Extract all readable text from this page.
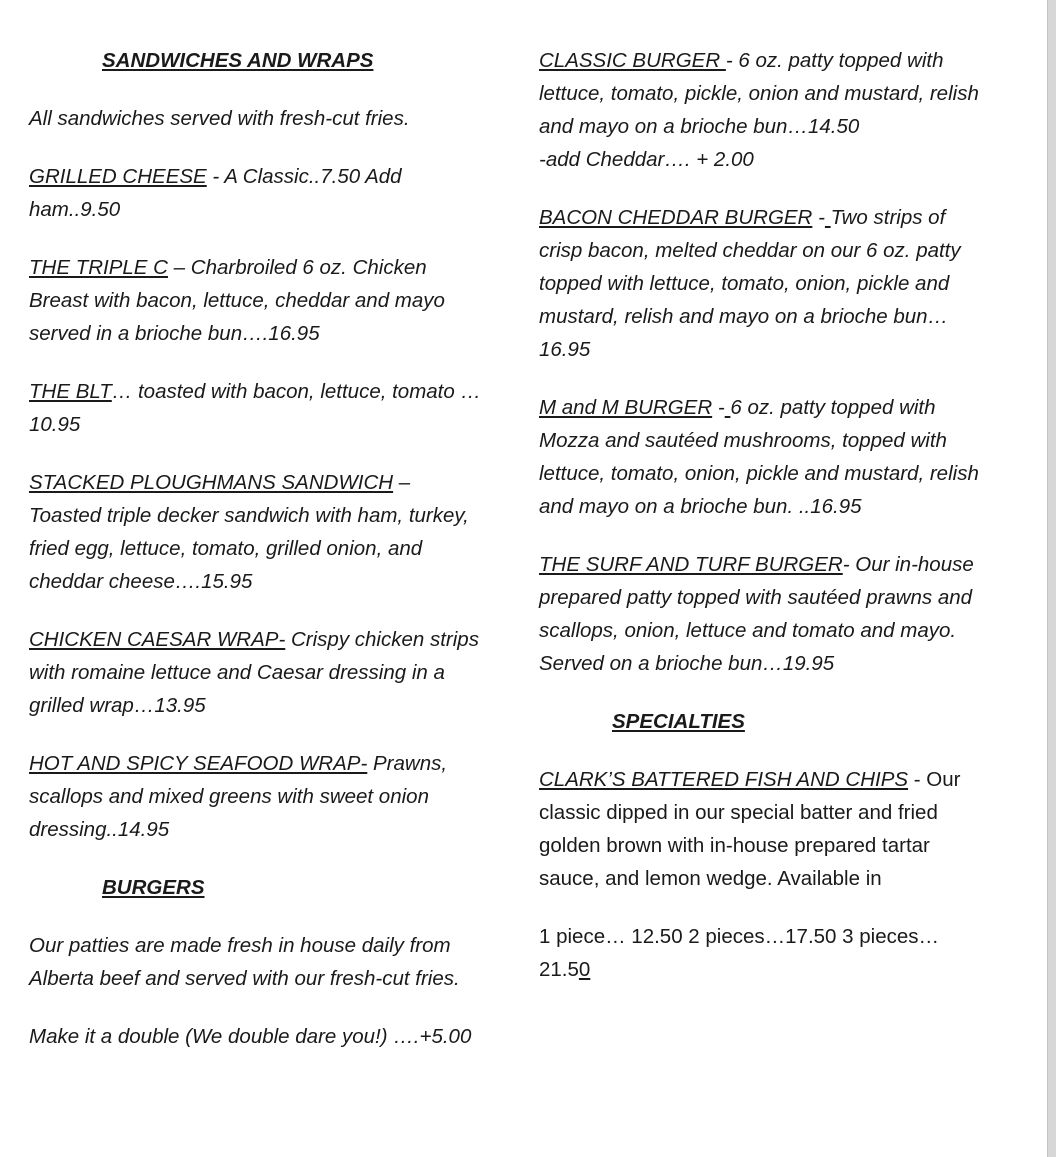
SANDWICHES AND WRAPS

All sandwiches served with fresh-cut fries.

GRILLED CHEESE - A Classic..7.50 Add ham..9.50

THE TRIPLE C – Charbroiled 6 oz. Chicken Breast with bacon, lettuce, cheddar and mayo served in a brioche bun….16.95

THE BLT… toasted with bacon, lettuce, tomato …10.95

STACKED PLOUGHMANS SANDWICH – Toasted triple decker sandwich with ham, turkey, fried egg, lettuce, tomato, grilled onion, and cheddar cheese….15.95

CHICKEN CAESAR WRAP- Crispy chicken strips with romaine lettuce and Caesar dressing in a grilled wrap…13.95

HOT AND SPICY SEAFOOD WRAP- Prawns, scallops and mixed greens with sweet onion dressing..14.95

BURGERS

Our patties are made fresh in house daily from Alberta beef and served with our fresh-cut fries.

Make it a double (We double dare you!) ….+5.00

CLASSIC BURGER - 6 oz. patty topped with lettuce, tomato, pickle, onion and mustard, relish and mayo on a brioche bun…14.50

-add Cheddar…. + 2.00

BACON CHEDDAR BURGER - Two strips of crisp bacon, melted cheddar on our 6 oz. patty topped with lettuce, tomato, onion, pickle and mustard, relish and mayo on a brioche bun…16.95

M and M BURGER - 6 oz. patty topped with Mozza and sautéed mushrooms, topped with lettuce, tomato, onion, pickle and mustard, relish and mayo on a brioche bun. ..16.95

THE SURF AND TURF BURGER- Our in-house prepared patty topped with sautéed prawns and scallops, onion, lettuce and tomato and mayo. Served on a brioche bun…19.95

SPECIALTIES

CLARK’S BATTERED FISH AND CHIPS - Our classic dipped in our special batter and fried golden brown with in-house prepared tartar sauce, and lemon wedge. Available in

1 piece… 12.50 2 pieces…17.50 3 pieces…21.50
